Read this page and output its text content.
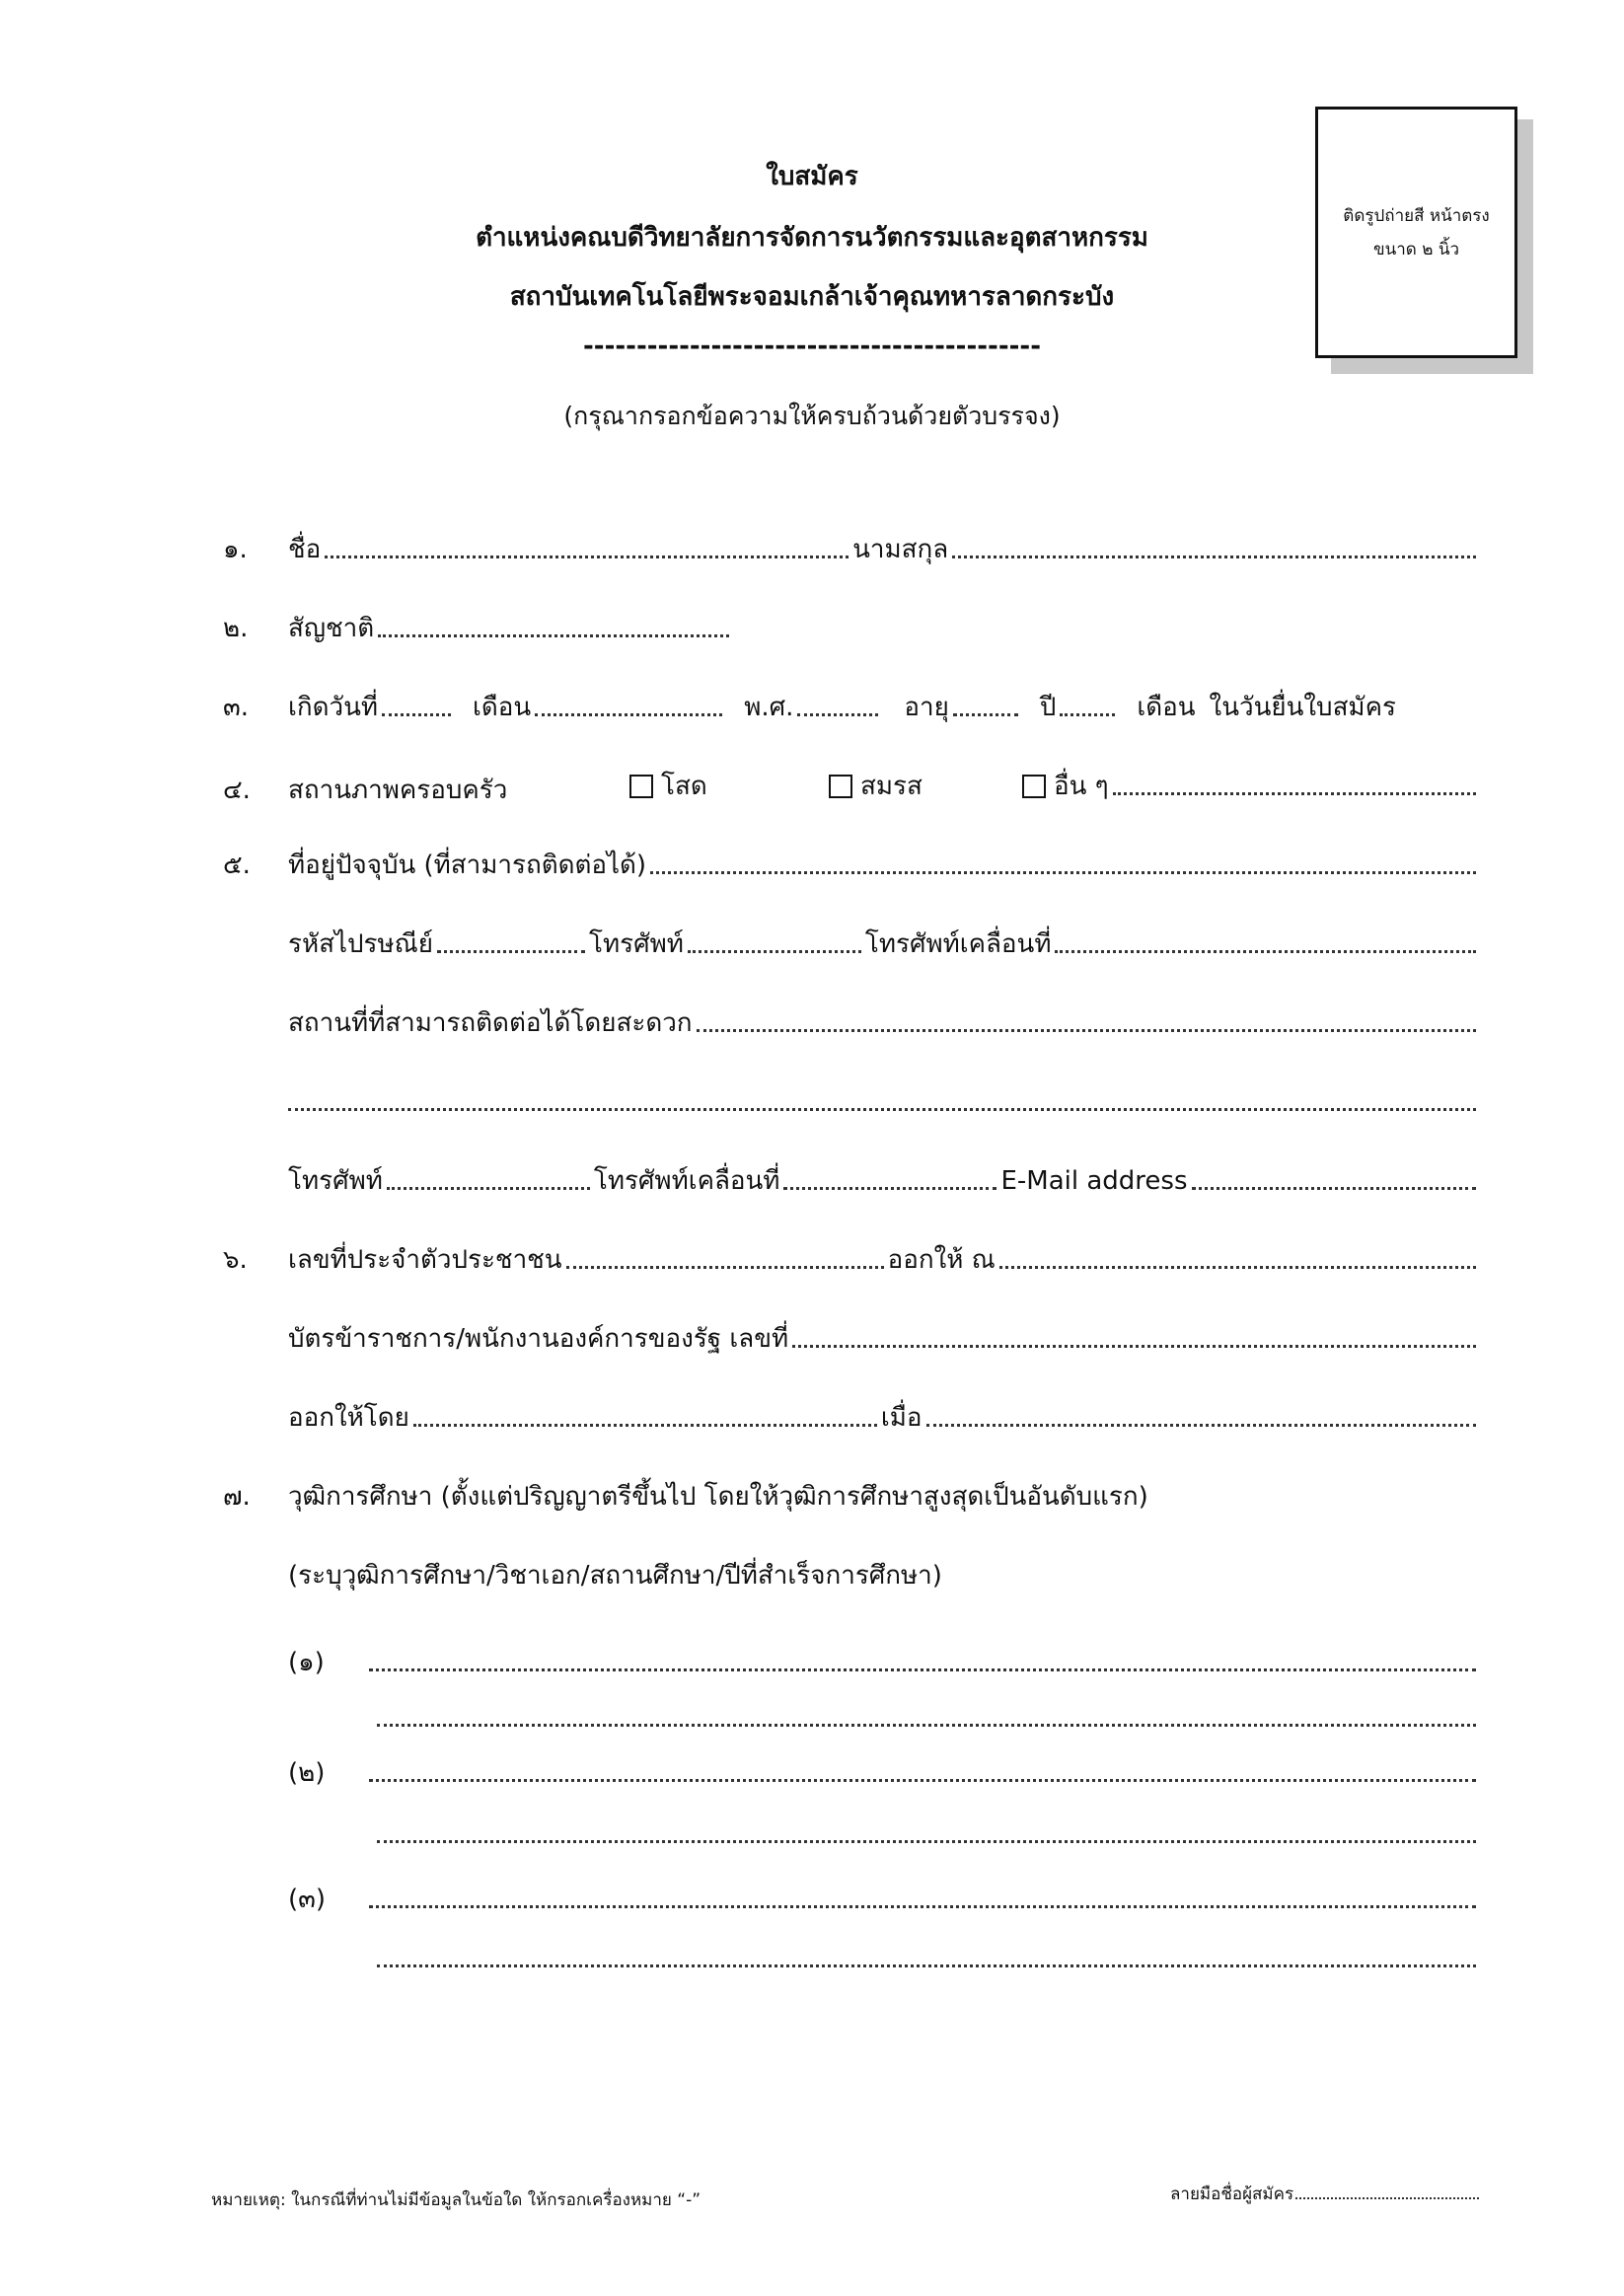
ติดรูปถ่ายสี หน้าตรง
ขนาด ๒ นิ้ว
ใบสมัคร
ตำแหน่งคณบดีวิทยาลัยการจัดการนวัตกรรมและอุตสาหกรรม
สถาบันเทคโนโลยีพระจอมเกล้าเจ้าคุณทหารลาดกระบัง
-------------------------------------------
(กรุณากรอกข้อความให้ครบถ้วนด้วยตัวบรรจง)
๑.	ชื่อ	นามสกุล
๒.	สัญชาติ
๓.	เกิดวันที่	เดือน	พ.ศ.	อายุ	ปี	เดือน ในวันยื่นใบสมัคร
๔.	สถานภาพครอบครัว	โสด	สมรส	อื่น ๆ
๕.	ที่อยู่ปัจจุบัน (ที่สามารถติดต่อได้)
รหัสไปรษณีย์	โทรศัพท์	โทรศัพท์เคลื่อนที่
สถานที่ที่สามารถติดต่อได้โดยสะดวก
โทรศัพท์	โทรศัพท์เคลื่อนที่	E-Mail address
๖.	เลขที่ประจำตัวประชาชน	ออกให้ ณ
บัตรข้าราชการ/พนักงานองค์การของรัฐ เลขที่
ออกให้โดย	เมื่อ
๗.	วุฒิการศึกษา (ตั้งแต่ปริญญาตรีขึ้นไป โดยให้วุฒิการศึกษาสูงสุดเป็นอันดับแรก)
(ระบุวุฒิการศึกษา/วิชาเอก/สถานศึกษา/ปีที่สำเร็จการศึกษา)
(๑)
(๒)
(๓)
หมายเหตุ: ในกรณีที่ท่านไม่มีข้อมูลในข้อใด ให้กรอกเครื่องหมาย “-”	ลายมือชื่อผู้สมัคร
